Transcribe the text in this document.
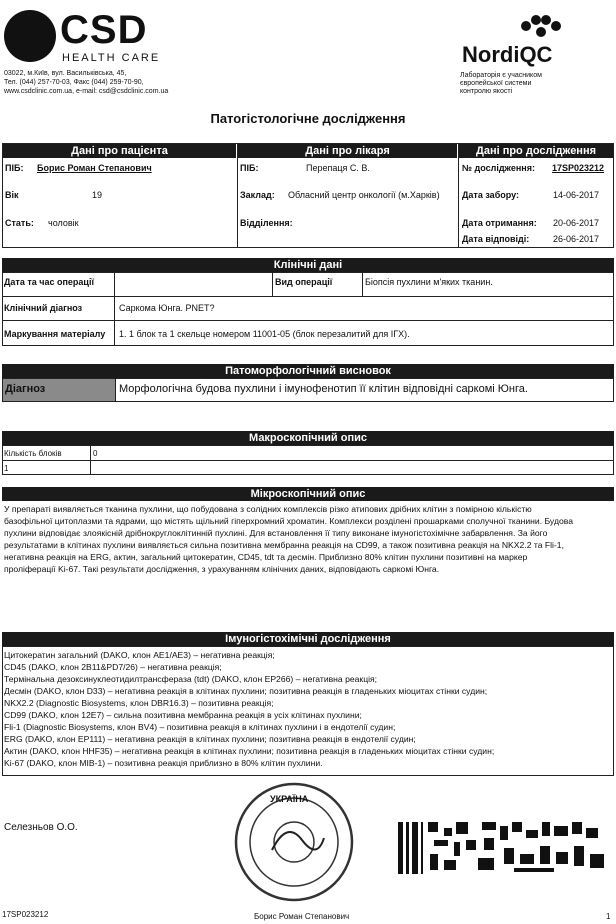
CSD
HEALTH CARE
03022, м.Київ, вул. Васильківська, 45,
Тел. (044) 257-70-03, Факс (044) 259-70-90,
www.csdclinic.com.ua, e-mail: csd@csdclinic.com.ua
NordiQC
Лабораторія є учасником
європейської системи
контролю якості
Патогістологічне дослідження
Дані про пацієнта	Дані про лікаря	Дані про дослідження
ПІБ: Борис Роман Степанович
Вік	19
Стать: чоловік
ПІБ:	Перепаця С. В.
Заклад: Обласний центр онкології (м.Харків)
Відділення:
№ дослідження: 17SP023212
Дата забору:	14-06-2017
Дата отримання: 20-06-2017
Дата відповіді:	26-06-2017
Клінічні дані
Дата та час операції	Вид операції	Біопсія пухлини м'яких тканин.
Клінічний діагноз	Саркома Юнга. PNET?
Маркування матеріалу 1. 1 блок та 1 скельце номером 11001-05 (блок перезалитий для ІГХ).
Патоморфологічний висновок
Діагноз	Морфологічна будова пухлини і імунофенотип її клітин відповідні саркомі Юнга.
Макроскопічний опис
Кількість блоків	0
1
Мікроскопічний опис
У препараті виявляється тканина пухлини, що побудована з солідних комплексів різко атипових дрібних клітин з помірною кількістю
базофільної цитоплазми та ядрами, що містять щільний гіперхромний хроматин. Комплекси розділені прошарками сполучної тканини. Будова
пухлини відповідає злоякісній дрібнокруглоклітинній пухлині. Для встановлення її типу виконане імуногістохімічне забарвлення. За його
результатами в клітинах пухлини виявляється сильна позитивна мембранна реакція на CD99, а також позитивна реакція на NKX2.2 та Fli-1,
негативна реакція на ERG, актин, загальний цитокератин, CD45, tdt та десмін. Приблизно 80% клітин пухлини позитивні на маркер
проліферації Ki-67. Такі результати дослідження, з урахуванням клінічних даних, відповідають саркомі Юнга.
Імуногістохімічні дослідження
Цитокератин загальний (DAKO, клон AE1/AE3) – негативна реакція;
CD45 (DAKO, клон 2B11&PD7/26) – негативна реакція;
Термінальна дезоксинуклеотидилтрансфераза (tdt) (DAKO, клон EP266) – негативна реакція;
Десмін (DAKO, клон D33) – негативна реакція в клітинах пухлини; позитивна реакція в гладеньких міоцитах стінки судин;
NKX2.2 (Diagnostic Biosystems, клон DBR16.3) – позитивна реакція;
CD99 (DAKO, клон 12E7) – сильна позитивна мембранна реакція в усіх клітинах пухлини;
Fli-1 (Diagnostic Biosystems, клон BV4) – позитивна реакція в клітинах пухлини і в ендотелії судин;
ERG (DAKO, клон EP111) – негативна реакція в клітинах пухлини; позитивна реакція в ендотелії судин;
Актин (DAKO, клон HHF35) – негативна реакція в клітинах пухлини; позитивна реакція в гладеньких міоцитах стінки судин;
Ki-67 (DAKO, клон MIB-1) – позитивна реакція приблизно в 80% клітин пухлини.
Селезньов О.О.
УКРАЇНА
17SP023212	Борис Роман Степанович	1
